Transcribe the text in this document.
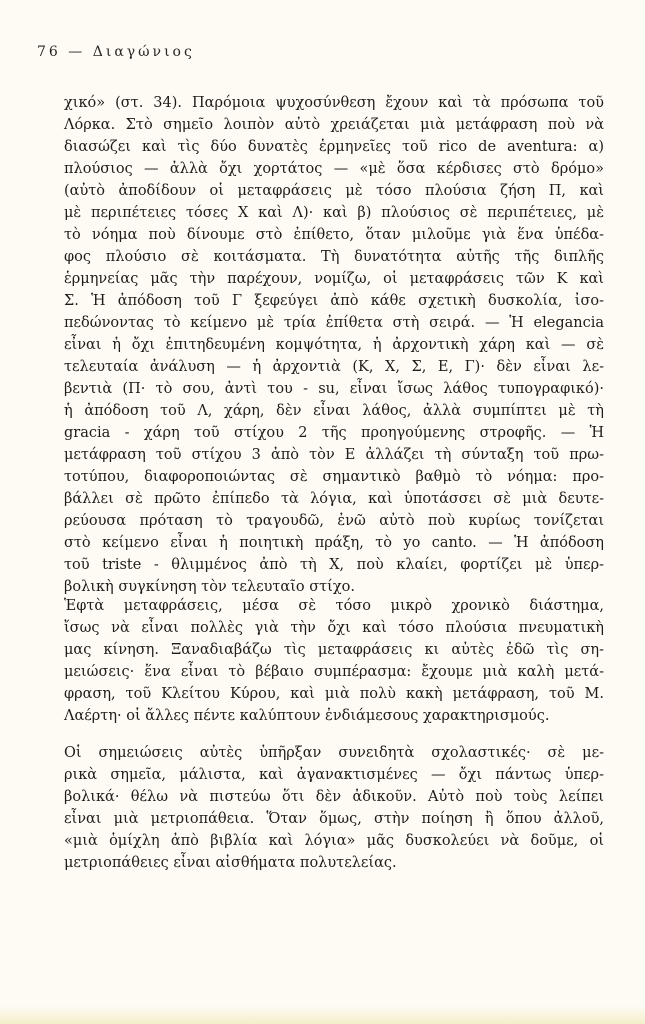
76 — Διαγώνιος
χικό» (στ. 34). Παρόμοια ψυχοσύνθεση ἔχουν καὶ τὰ πρόσωπα τοῦ
Λόρκα. Στὸ σημεῖο λοιπὸν αὐτὸ χρειάζεται μιὰ μετάφραση ποὺ νὰ
διασώζει καὶ τὶς δύο δυνατὲς ἑρμηνεῖες τοῦ rico de aventura: α)
πλούσιος — ἀλλὰ ὄχι χορτάτος — «μὲ ὅσα κέρδισες στὸ δρόμο»
(αὐτὸ ἀποδίδουν οἱ μεταφράσεις μὲ τόσο πλούσια ζήση Π, καὶ
μὲ περιπέτειες τόσες Χ καὶ Λ)· καὶ β) πλούσιος σὲ περιπέτειες, μὲ
τὸ νόημα ποὺ δίνουμε στὸ ἐπίθετο, ὅταν μιλοῦμε γιὰ ἕνα ὑπέδα-
φος πλούσιο σὲ κοιτάσματα. Τὴ δυνατότητα αὐτῆς τῆς διπλῆς
ἑρμηνείας μᾶς τὴν παρέχουν, νομίζω, οἱ μεταφράσεις τῶν Κ καὶ
Σ. Ἡ ἀπόδοση τοῦ Γ ξεφεύγει ἀπὸ κάθε σχετικὴ δυσκολία, ἰσο-
πεδώνοντας τὸ κείμενο μὲ τρία ἐπίθετα στὴ σειρά. — Ἡ elegancia
εἶναι ἡ ὄχι ἐπιτηδευμένη κομψότητα, ἡ ἀρχοντικὴ χάρη καὶ — σὲ
τελευταία ἀνάλυση — ἡ ἀρχοντιὰ (Κ, Χ, Σ, Ε, Γ)· δὲν εἶναι λε-
βεντιὰ (Π· τὸ σου, ἀντὶ του - su, εἶναι ἴσως λάθος τυπογραφικό)·
ἡ ἀπόδοση τοῦ Λ, χάρη, δὲν εἶναι λάθος, ἀλλὰ συμπίπτει μὲ τὴ
gracia - χάρη τοῦ στίχου 2 τῆς προηγούμενης στροφῆς. — Ἡ
μετάφραση τοῦ στίχου 3 ἀπὸ τὸν Ε ἀλλάζει τὴ σύνταξη τοῦ πρω-
τοτύπου, διαφοροποιώντας σὲ σημαντικὸ βαθμὸ τὸ νόημα: προ-
βάλλει σὲ πρῶτο ἐπίπεδο τὰ λόγια, καὶ ὑποτάσσει σὲ μιὰ δευτε-
ρεύουσα πρόταση τὸ τραγουδῶ, ἐνῶ αὐτὸ ποὺ κυρίως τονίζεται
στὸ κείμενο εἶναι ἡ ποιητικὴ πράξη, τὸ yo canto. — Ἡ ἀπόδοση
τοῦ triste - θλιμμένος ἀπὸ τὴ Χ, ποὺ κλαίει, φορτίζει μὲ ὑπερ-
βολικὴ συγκίνηση τὸν τελευταῖο στίχο.
Ἑφτὰ μεταφράσεις, μέσα σὲ τόσο μικρὸ χρονικὸ διάστημα,
ἴσως νὰ εἶναι πολλὲς γιὰ τὴν ὄχι καὶ τόσο πλούσια πνευματικὴ
μας κίνηση. Ξαναδιαβάζω τὶς μεταφράσεις κι αὐτὲς ἐδῶ τὶς ση-
μειώσεις· ἕνα εἶναι τὸ βέβαιο συμπέρασμα: ἔχουμε μιὰ καλὴ μετά-
φραση, τοῦ Κλείτου Κύρου, καὶ μιὰ πολὺ κακὴ μετάφραση, τοῦ Μ.
Λαέρτη· οἱ ἄλλες πέντε καλύπτουν ἐνδιάμεσους χαρακτηρισμούς.
Οἱ σημειώσεις αὐτὲς ὑπῆρξαν συνειδητὰ σχολαστικές· σὲ με-
ρικὰ σημεῖα, μάλιστα, καὶ ἀγανακτισμένες — ὄχι πάντως ὑπερ-
βολικά· θέλω νὰ πιστεύω ὅτι δὲν ἀδικοῦν. Αὐτὸ ποὺ τοὺς λείπει
εἶναι μιὰ μετριοπάθεια. Ὅταν ὅμως, στὴν ποίηση ἢ ὅπου ἀλλοῦ,
«μιὰ ὁμίχλη ἀπὸ βιβλία καὶ λόγια» μᾶς δυσκολεύει νὰ δοῦμε, οἱ
μετριοπάθειες εἶναι αἰσθήματα πολυτελείας.
